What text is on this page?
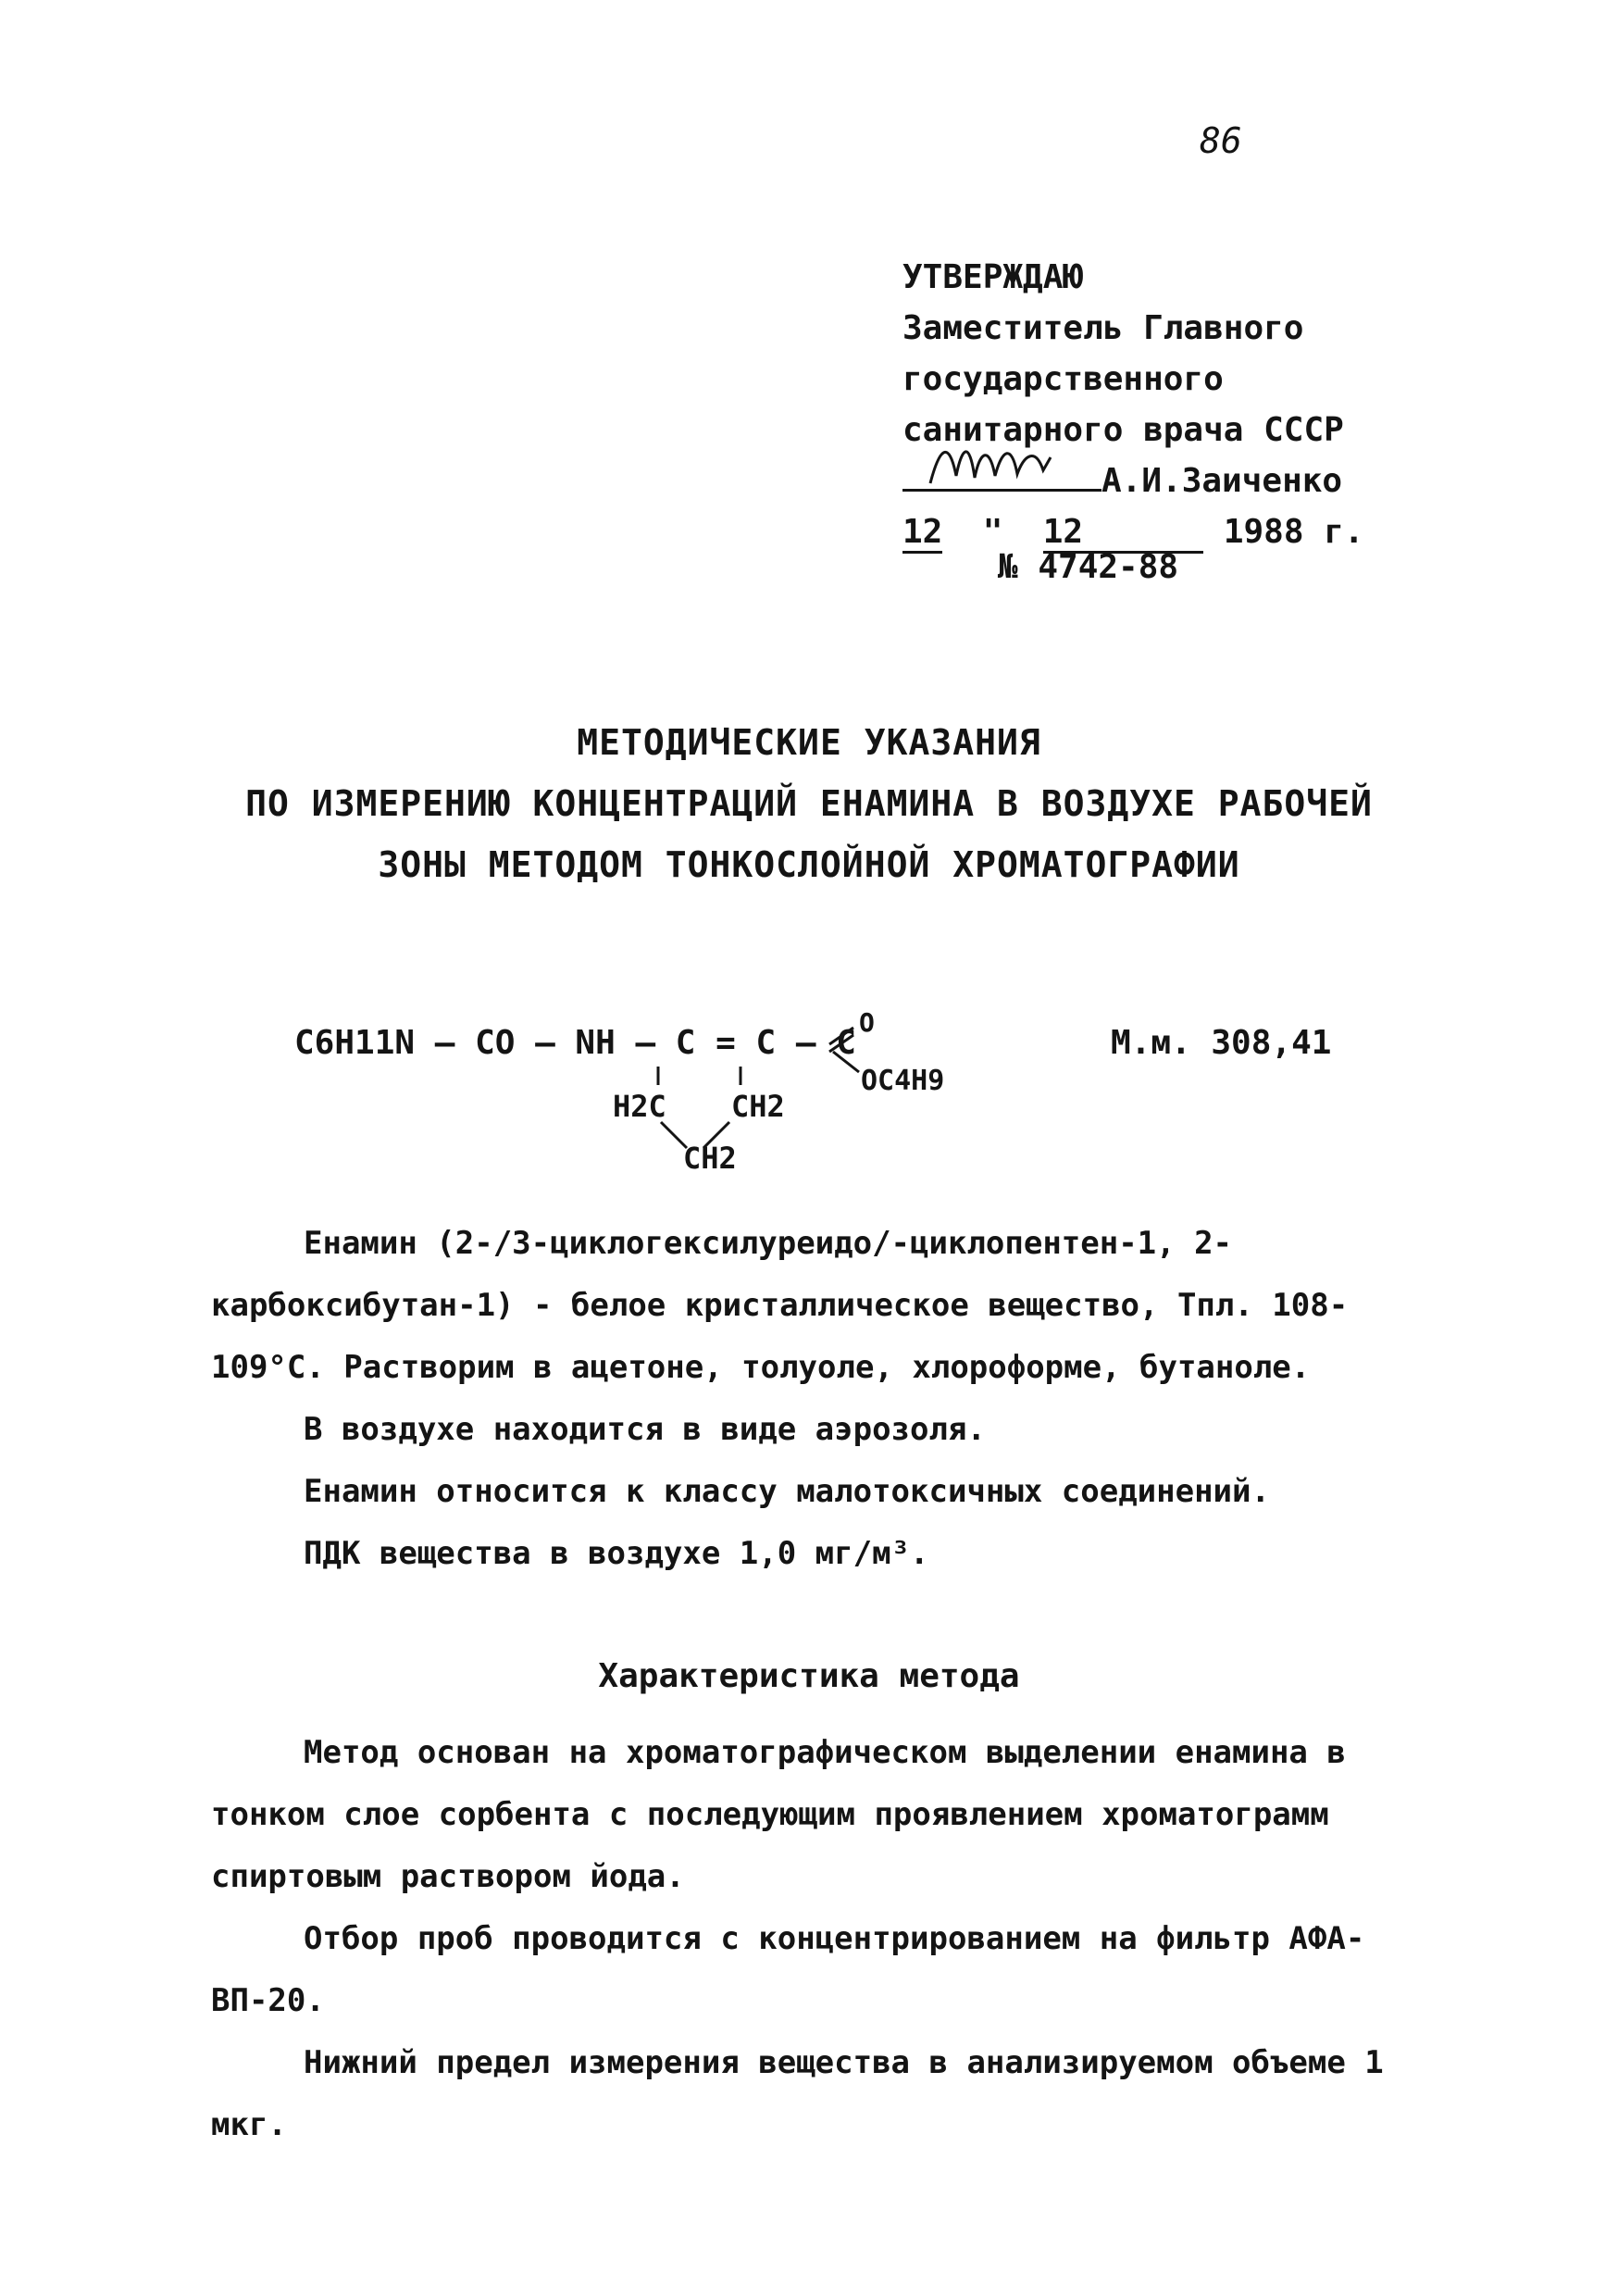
86
УТВЕРЖДАЮ
Заместитель Главного
государственного
санитарного врача СССР
А.И.Заиченко
12  "  12	1988 г.
№ 4742-88
МЕТОДИЧЕСКИЕ УКАЗАНИЯ
ПО ИЗМЕРЕНИЮ КОНЦЕНТРАЦИЙ ЕНАМИНА В ВОЗДУХЕ РАБОЧЕЙ
ЗОНЫ МЕТОДОМ ТОНКОСЛОЙНОЙ ХРОМАТОГРАФИИ
C6H11N – CO – NH – C = C – C
O
OC4H9
H2C CH2
CH2
М.м. 308,41

Енамин (2-/3-циклогексилуреидо/-циклопентен-1, 2-карбоксибутан-1) - белое кристаллическое вещество, Тпл. 108-109°С. Растворим в ацетоне, толуоле, хлороформе, бутаноле.

В воздухе находится в виде аэрозоля.

Енамин относится к классу малотоксичных соединений.

ПДК вещества в воздухе 1,0 мг/м³.

Характеристика метода

Метод основан на хроматографическом выделении енамина в тонком слое сорбента с последующим проявлением хроматограмм спиртовым раствором йода.

Отбор проб проводится с концентрированием на фильтр АФА-ВП-20.

Нижний предел измерения вещества в анализируемом объеме 1 мкг.
